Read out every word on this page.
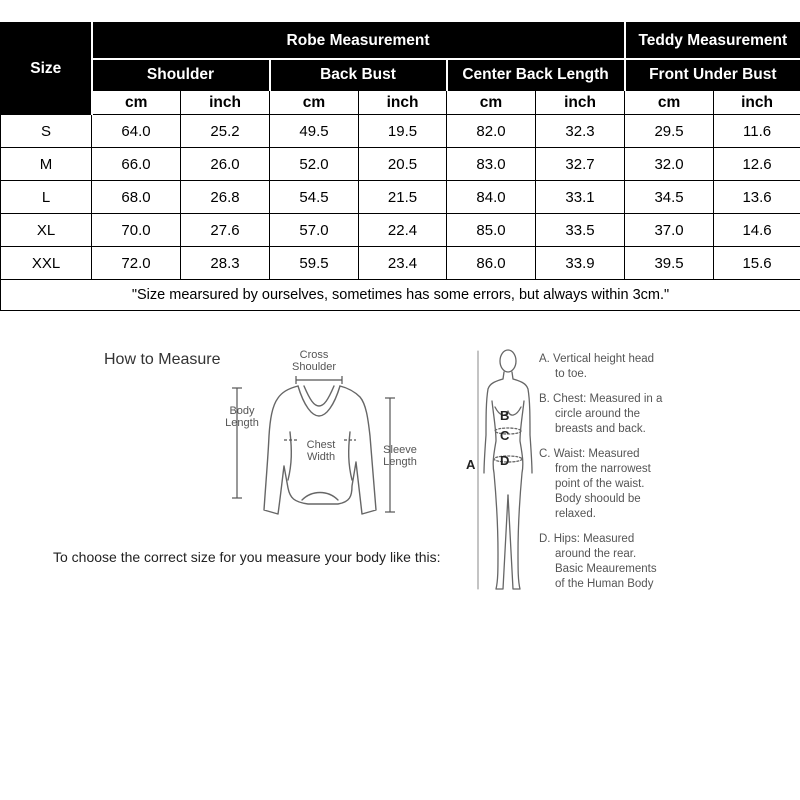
Size	Robe Measurement						Teddy Measurement	
	Shoulder		Back Bust		Center Back Length		Front Under Bust	
	cm	inch	cm	inch	cm	inch	cm	inch
S	64.0	25.2	49.5	19.5	82.0	32.3	29.5	11.6
M	66.0	26.0	52.0	20.5	83.0	32.7	32.0	12.6
L	68.0	26.8	54.5	21.5	84.0	33.1	34.5	13.6
XL	70.0	27.6	57.0	22.4	85.0	33.5	37.0	14.6
XXL	72.0	28.3	59.5	23.4	86.0	33.9	39.5	15.6
"Size mearsured by ourselves, sometimes has some errors, but always within 3cm."								
How to Measure
To choose the correct size for you measure your body like this:
Cross
Shoulder
Body
Length
Chest
Width
Sleeve
Length
B
C
D
A
A. Vertical height head
to toe.
B. Chest: Measured in a
circle around the
breasts and back.
C. Waist: Measured
from the narrowest
point of the waist.
Body shoould be
relaxed.
D. Hips: Measured
around the rear.
Basic Meaurements
of the Human Body
